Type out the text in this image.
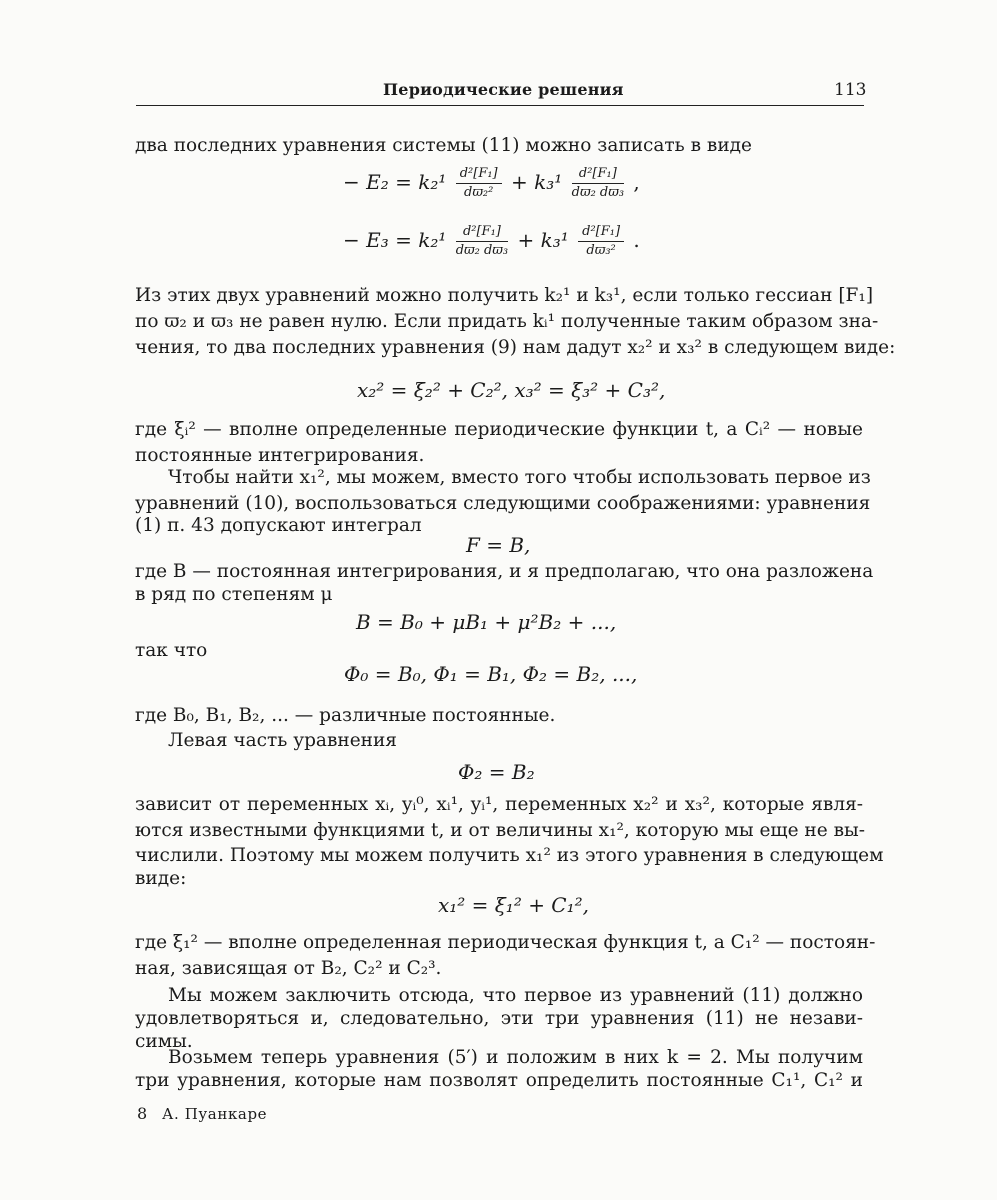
Периодические решения	113
два последних уравнения системы (11) можно записать в виде
− $E_2 = k_2^1 \frac{\text{d²[F₁]}}{\text{dϖ₂²}} + k_3^1 \frac{\text{d²[F₁]}}{\text{dϖ₂ dϖ₃}}$ ,
− $E_3 = k_2^1 \frac{\text{d²[F₁]}}{\text{dϖ₂ dϖ₃}} + k_3^1 \frac{\text{d²[F₁]}}{\text{dϖ₃²}}$ .
Из этих двух уравнений можно получить k₂¹ и k₃¹, если только гессиан [F₁]
по ϖ₂ и ϖ₃ не равен нулю. Если придать kᵢ¹ полученные таким образом зна-
чения, то два последних уравнения (9) нам дадут x₂² и x₃² в следующем виде:
x₂² = ξ₂² + C₂², x₃² = ξ₃² + C₃²,
где ξᵢ² — вполне определенные периодические функции t, а Cᵢ² — новые
постоянные интегрирования.
Чтобы найти x₁², мы можем, вместо того чтобы использовать первое из
уравнений (10), воспользоваться следующими соображениями: уравнения
(1) п. 43 допускают интеграл
F = B,
где B — постоянная интегрирования, и я предполагаю, что она разложена
в ряд по степеням μ
B = B₀ + μB₁ + μ²B₂ + ...,
так что
Φ₀ = B₀, Φ₁ = B₁, Φ₂ = B₂, ...,
где B₀, B₁, B₂, ... — различные постоянные.
Левая часть уравнения
Φ₂ = B₂
зависит от переменных xᵢ, yᵢ⁰, xᵢ¹, yᵢ¹, переменных x₂² и x₃², которые явля-
ются известными функциями t, и от величины x₁², которую мы еще не вы-
числили. Поэтому мы можем получить x₁² из этого уравнения в следующем
виде:
x₁² = ξ₁² + C₁²,
где ξ₁² — вполне определенная периодическая функция t, а C₁² — постоян-
ная, зависящая от B₂, C₂² и C₂³.
Мы можем заключить отсюда, что первое из уравнений (11) должно
удовлетворяться и, следовательно, эти три уравнения (11) не незави-
симы.
Возьмем теперь уравнения (5′) и положим в них k = 2. Мы получим
три уравнения, которые нам позволят определить постоянные C₁¹, C₁² и
8 А. Пуанкаре
